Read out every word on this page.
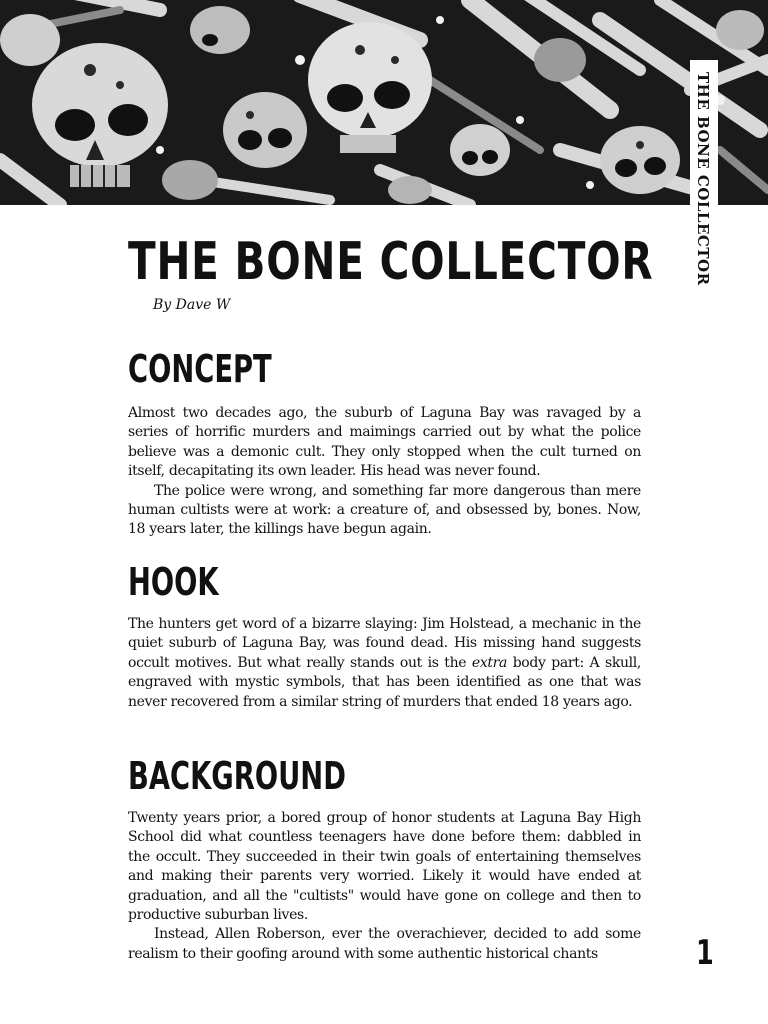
THE BONE COLLECTOR
THE BONE COLLECTOR
By Dave W
CONCEPT

Almost two decades ago, the suburb of Laguna Bay was ravaged by a series of horrific murders and maimings carried out by what the police believe was a demonic cult. They only stopped when the cult turned on itself, decapitating its own leader. His head was never found.

The police were wrong, and something far more dangerous than mere human cultists were at work: a creature of, and obsessed by, bones. Now, 18 years later, the killings have begun again.

HOOK

The hunters get word of a bizarre slaying: Jim Holstead, a mechanic in the quiet suburb of Laguna Bay, was found dead. His missing hand suggests occult motives. But what really stands out is the extra body part: A skull, engraved with mystic symbols, that has been identified as one that was never recovered from a similar string of murders that ended 18 years ago.

BACKGROUND

Twenty years prior, a bored group of honor students at Laguna Bay High School did what countless teenagers have done before them: dabbled in the occult. They succeeded in their twin goals of entertaining themselves and making their parents very worried. Likely it would have ended at graduation, and all the "cultists" would have gone on college and then to productive suburban lives.

Instead, Allen Roberson, ever the overachiever, decided to add some realism to their goofing around with some authentic historical chants	1
